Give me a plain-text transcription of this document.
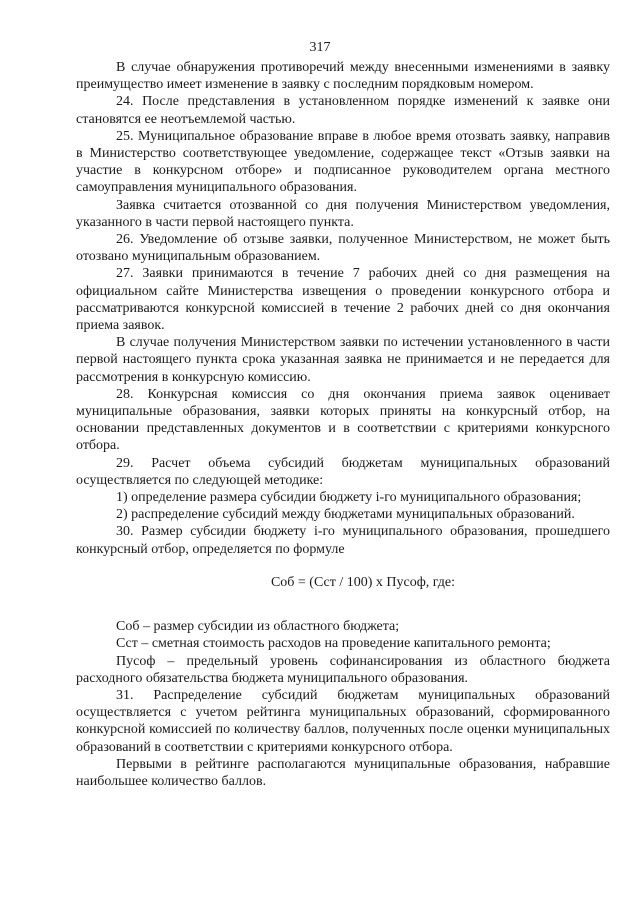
317

В случае обнаружения противоречий между внесенными изменениями в заявку преимущество имеет изменение в заявку с последним порядковым номером.

24. После представления в установленном порядке изменений к заявке они становятся ее неотъемлемой частью.

25. Муниципальное образование вправе в любое время отозвать заявку, направив в Министерство соответствующее уведомление, содержащее текст «Отзыв заявки на участие в конкурсном отборе» и подписанное руководителем органа местного самоуправления муниципального образования.

Заявка считается отозванной со дня получения Министерством уведомления, указанного в части первой настоящего пункта.

26. Уведомление об отзыве заявки, полученное Министерством, не может быть отозвано муниципальным образованием.

27. Заявки принимаются в течение 7 рабочих дней со дня размещения на официальном сайте Министерства извещения о проведении конкурсного отбора и рассматриваются конкурсной комиссией в течение 2 рабочих дней со дня окончания приема заявок.

В случае получения Министерством заявки по истечении установленного в части первой настоящего пункта срока указанная заявка не принимается и не передается для рассмотрения в конкурсную комиссию.

28. Конкурсная комиссия со дня окончания приема заявок оценивает муниципальные образования, заявки которых приняты на конкурсный отбор, на основании представленных документов и в соответствии с критериями конкурсного отбора.

29. Расчет объема субсидий бюджетам муниципальных образований осуществляется по следующей методике:

1) определение размера субсидии бюджету i-го муниципального образования;

2) распределение субсидий между бюджетами муниципальных образований.

30. Размер субсидии бюджету i-го муниципального образования, прошедшего конкурсный отбор, определяется по формуле

Соб = (Сст / 100) х Пусоф, где:

Соб – размер субсидии из областного бюджета;

Сст – сметная стоимость расходов на проведение капитального ремонта;

Пусоф – предельный уровень софинансирования из областного бюджета расходного обязательства бюджета муниципального образования.

31. Распределение субсидий бюджетам муниципальных образований осуществляется с учетом рейтинга муниципальных образований, сформированного конкурсной комиссией по количеству баллов, полученных после оценки муниципальных образований в соответствии с критериями конкурсного отбора.

Первыми в рейтинге располагаются муниципальные образования, набравшие наибольшее количество баллов.
